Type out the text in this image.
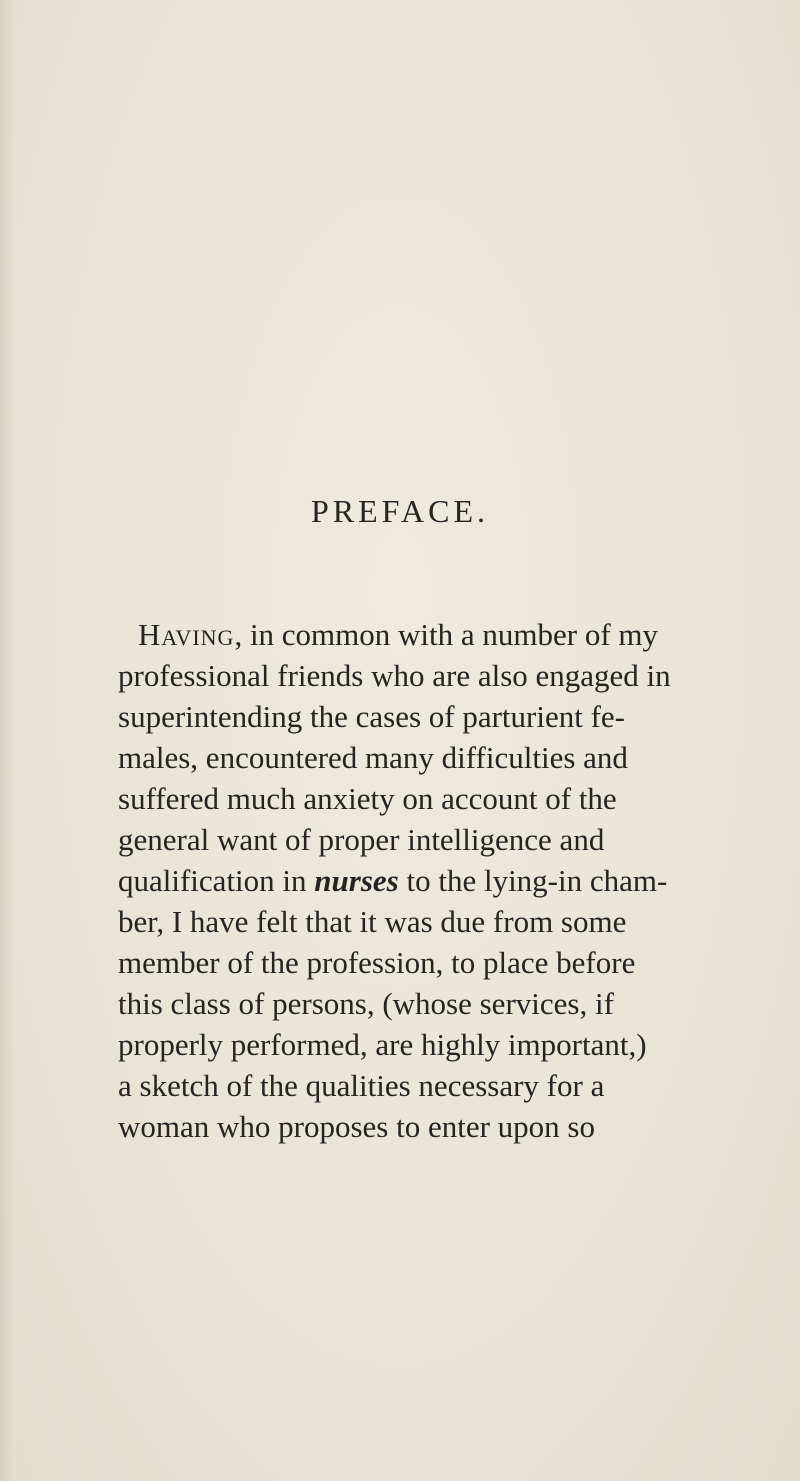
PREFACE.
Having, in common with a number of my
professional friends who are also engaged in
superintending the cases of parturient fe-
males, encountered many difficulties and
suffered much anxiety on account of the
general want of proper intelligence and
qualification in nurses to the lying-in cham-
ber, I have felt that it was due from some
member of the profession, to place before
this class of persons, (whose services, if
properly performed, are highly important,)
a sketch of the qualities necessary for a
woman who proposes to enter upon so
